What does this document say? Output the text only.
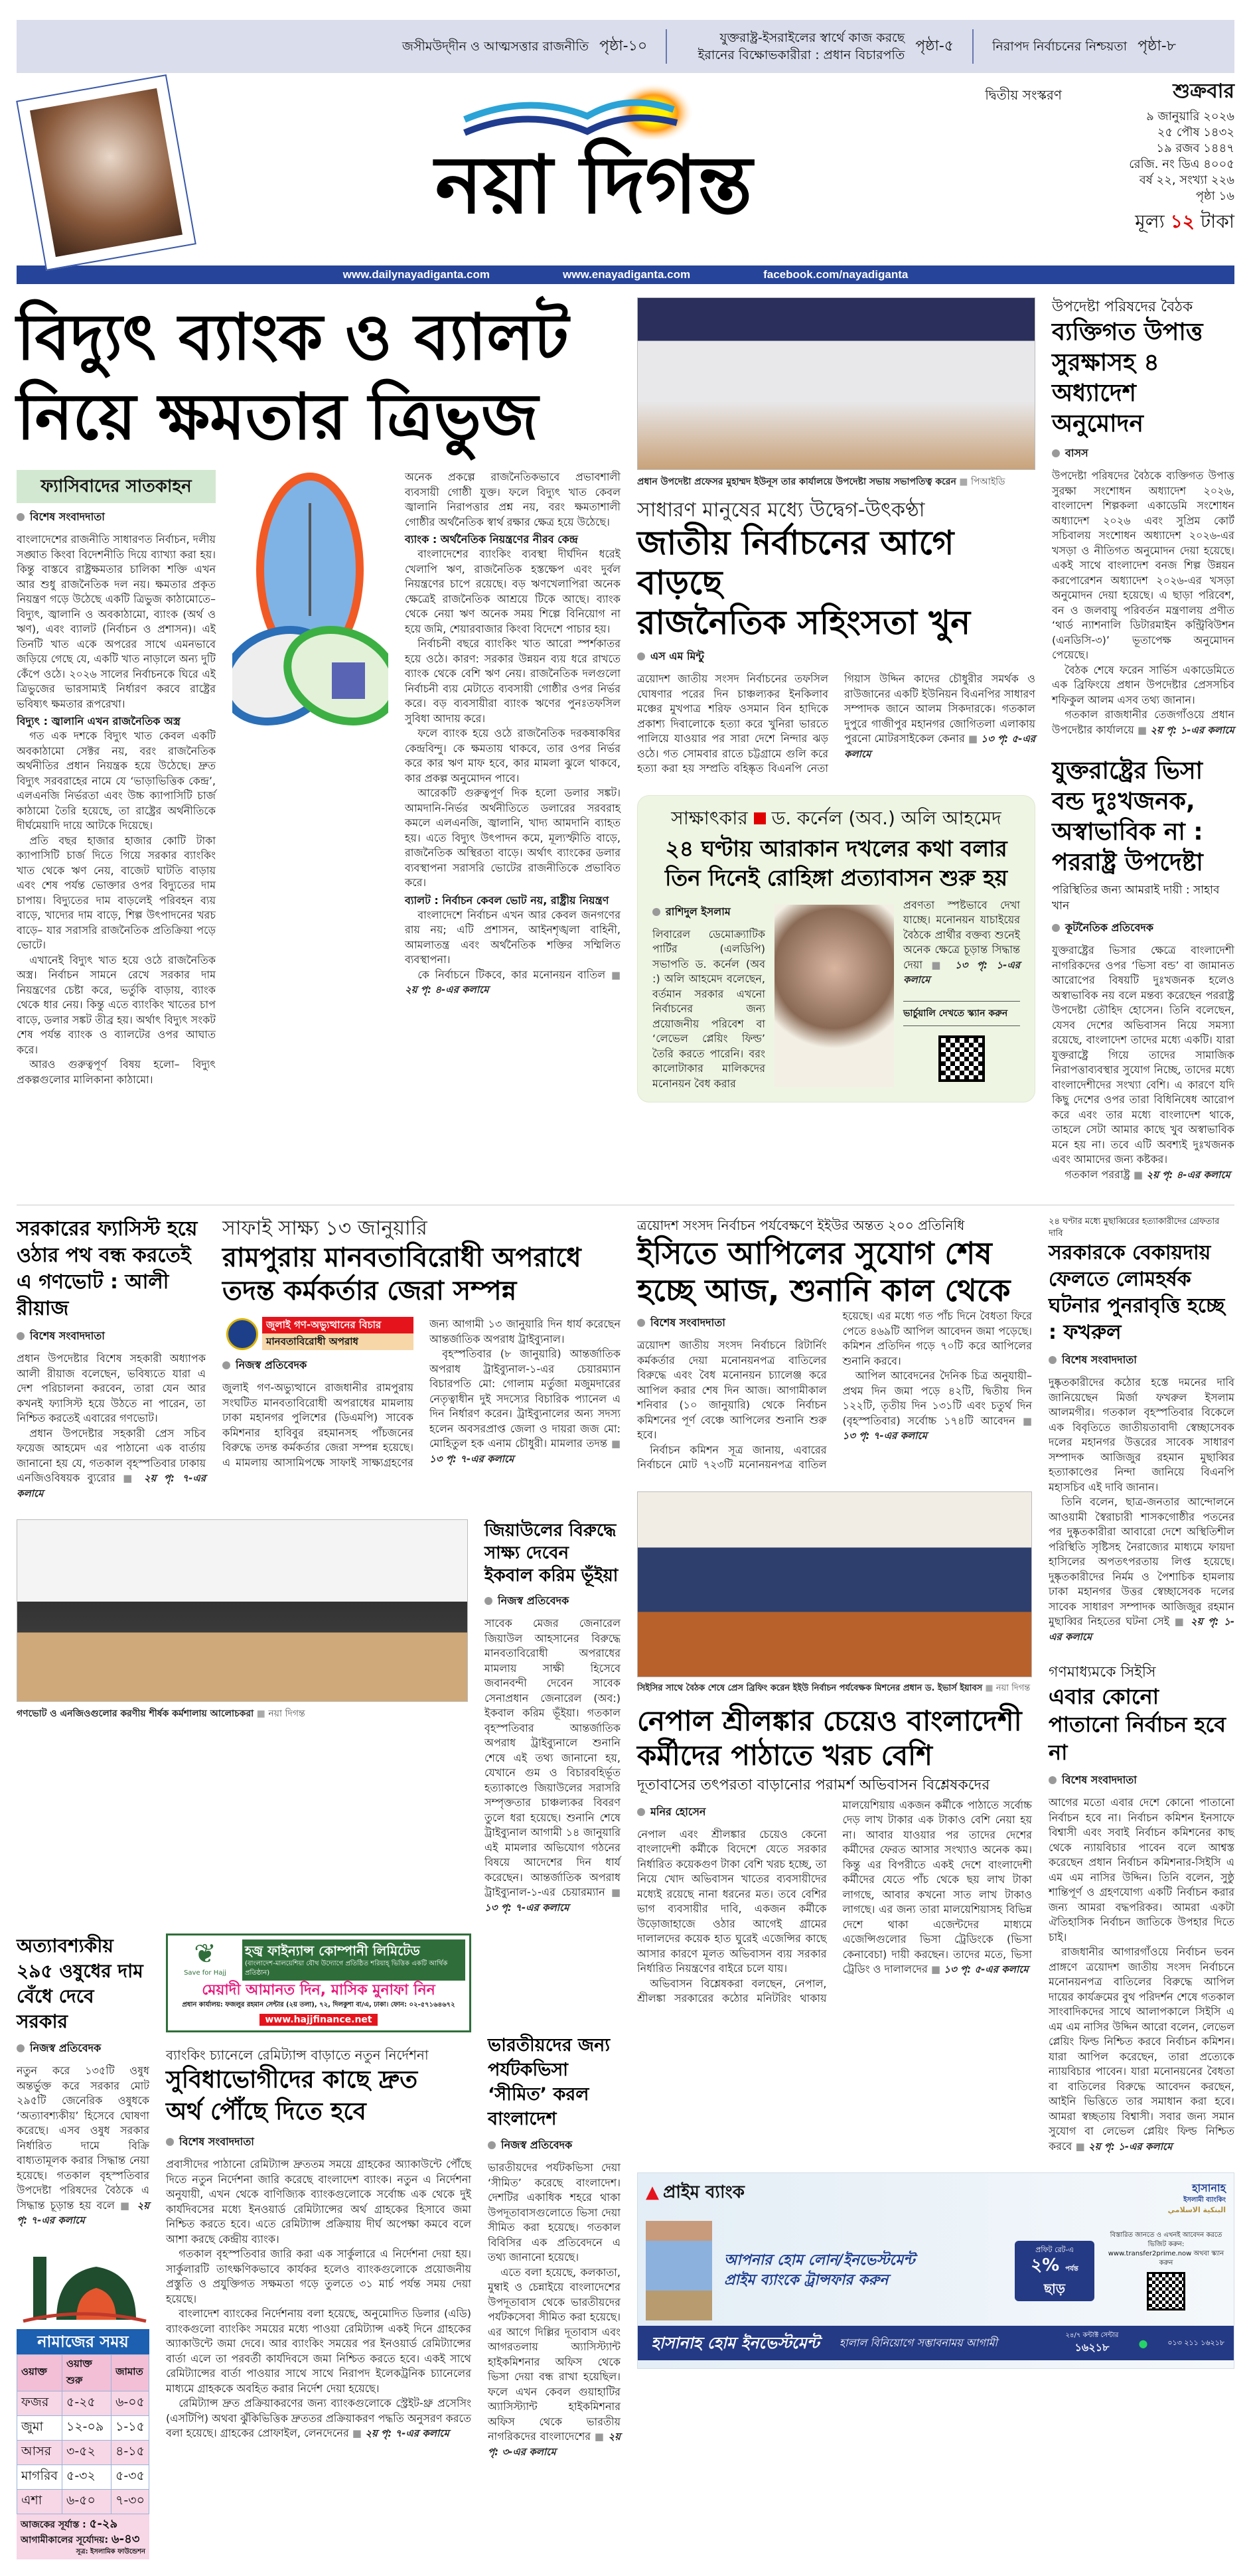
জসীমউদ্‌দীন ও আত্মসত্তার রাজনীতি পৃষ্ঠা-১০	যুক্তরাষ্ট্র-ইসরাইলের স্বার্থে কাজ করছে ইরানের বিক্ষোভকারীরা : প্রধান বিচারপতি
পৃষ্ঠা-৫	নিরাপদ নির্বাচনের নিশ্চয়তা পৃষ্ঠা-৮
নয়া দিগন্ত
দ্বিতীয় সংস্করণ	শুক্রবার
৯ জানুয়ারি ২০২৬
২৫ পৌষ ১৪৩২
১৯ রজব ১৪৪৭
রেজি. নং ডিএ ৪০০৫
বর্ষ ২২, সংখ্যা ২২৬
পৃষ্ঠা ১৬
মূল্য ১২ টাকা
www.dailynayadiganta.com	www.enayadiganta.com	facebook.com/nayadiganta
বিদ্যুৎ ব্যাংক ও ব্যালট
নিয়ে ক্ষমতার ত্রিভুজ
ফ্যাসিবাদের সাতকাহন
বিশেষ সংবাদদাতা

বাংলাদেশের রাজনীতি সাধারণত নির্বাচন, দলীয় সঙ্ঘাত কিংবা বিদেশনীতি দিয়ে ব্যাখ্যা করা হয়। কিন্তু বাস্তবে রাষ্ট্রক্ষমতার চালিকা শক্তি এখন আর শুধু রাজনৈতিক দল নয়। ক্ষমতার প্রকৃত নিয়ন্ত্রণ গড়ে উঠেছে একটি ত্রিভুজ কাঠামোতে– বিদ্যুৎ, জ্বালানি ও অবকাঠামো, ব্যাংক (অর্থ ও ঋণ), এবং ব্যালট (নির্বাচন ও প্রশাসন)। এই তিনটি খাত একে অপরের সাথে এমনভাবে জড়িয়ে গেছে যে, একটি খাত নাড়ালে অন্য দুটি কেঁপে ওঠে। ২০২৬ সালের নির্বাচনকে ঘিরে এই ত্রিভুজের ভারসাম্যই নির্ধারণ করবে রাষ্ট্রের ভবিষ্যৎ ক্ষমতার রূপরেখা।

বিদ্যুৎ : জ্বালানি এখন রাজনৈতিক অস্ত্র

গত এক দশকে বিদ্যুৎ খাত কেবল একটি অবকাঠামো সেক্টর নয়, বরং রাজনৈতিক অর্থনীতির প্রধান নিয়ন্ত্রক হয়ে উঠেছে। দ্রুত বিদ্যুৎ সরবরাহের নামে যে ‘ভাড়াভিত্তিক কেন্দ্র’, এলএনজি নির্ভরতা এবং উচ্চ ক্যাপাসিটি চার্জ কাঠামো তৈরি হয়েছে, তা রাষ্ট্রের অর্থনীতিকে দীর্ঘমেয়াদি দায়ে আটকে দিয়েছে।

প্রতি বছর হাজার হাজার কোটি টাকা ক্যাপাসিটি চার্জ দিতে গিয়ে সরকার ব্যাংকিং খাত থেকে ঋণ নেয়, বাজেট ঘাটতি বাড়ায় এবং শেষ পর্যন্ত ভোক্তার ওপর বিদ্যুতের দাম চাপায়। বিদ্যুতের দাম বাড়লেই পরিবহন ব্যয় বাড়ে, খাদ্যের দাম বাড়ে, শিল্প উৎপাদনের খরচ বাড়ে– যার সরাসরি রাজনৈতিক প্রতিক্রিয়া পড়ে ভোটে।

এখানেই বিদ্যুৎ খাত হয়ে ওঠে রাজনৈতিক অস্ত্র। নির্বাচন সামনে রেখে সরকার দাম নিয়ন্ত্রণের চেষ্টা করে, ভর্তুকি বাড়ায়, ব্যাংক থেকে ধার নেয়। কিন্তু এতে ব্যাংকিং খাতের চাপ বাড়ে, ডলার সঙ্কট তীব্র হয়। অর্থাৎ বিদ্যুৎ সংকট শেষ পর্যন্ত ব্যাংক ও ব্যালটের ওপর আঘাত করে।

আরও গুরুত্বপূর্ণ বিষয় হলো– বিদ্যুৎ প্রকল্পগুলোর মালিকানা কাঠামো।

অনেক প্রকল্পে রাজনৈতিকভাবে প্রভাবশালী ব্যবসায়ী গোষ্ঠী যুক্ত। ফলে বিদ্যুৎ খাত কেবল জ্বালানি নিরাপত্তার প্রশ্ন নয়, বরং ক্ষমতাশালী গোষ্ঠীর অর্থনৈতিক স্বার্থ রক্ষার ক্ষেত্র হয়ে উঠেছে।

ব্যাংক : অর্থনৈতিক নিয়ন্ত্রণের নীরব কেন্দ্র

বাংলাদেশের ব্যাংকিং ব্যবস্থা দীর্ঘদিন ধরেই খেলাপি ঋণ, রাজনৈতিক হস্তক্ষেপ এবং দুর্বল নিয়ন্ত্রণের চাপে রয়েছে। বড় ঋণখেলাপিরা অনেক ক্ষেত্রেই রাজনৈতিক আশ্রয়ে টিকে আছে। ব্যাংক থেকে নেয়া ঋণ অনেক সময় শিল্পে বিনিয়োগ না হয়ে জমি, শেয়ারবাজার কিংবা বিদেশে পাচার হয়।

নির্বাচনী বছরে ব্যাংকিং খাত আরো স্পর্শকাতর হয়ে ওঠে। কারণ: সরকার উন্নয়ন ব্যয় ধরে রাখতে ব্যাংক থেকে বেশি ঋণ নেয়। রাজনৈতিক দলগুলো নির্বাচনী ব্যয় মেটাতে ব্যবসায়ী গোষ্ঠীর ওপর নির্ভর করে। বড় ব্যবসায়ীরা ব্যাংক ঋণের পুনঃতফসিল সুবিধা আদায় করে।

ফলে ব্যাংক হয়ে ওঠে রাজনৈতিক দরকষাকষির কেন্দ্রবিন্দু। কে ক্ষমতায় থাকবে, তার ওপর নির্ভর করে কার ঋণ মাফ হবে, কার মামলা ঝুলে থাকবে, কার প্রকল্প অনুমোদন পাবে।

আরেকটি গুরুত্বপূর্ণ দিক হলো ডলার সঙ্কট। আমদানি-নির্ভর অর্থনীতিতে ডলারের সরবরাহ কমলে এলএনজি, জ্বালানি, খাদ্য আমদানি ব্যাহত হয়। এতে বিদ্যুৎ উৎপাদন কমে, মূল্যস্ফীতি বাড়ে, রাজনৈতিক অস্থিরতা বাড়ে। অর্থাৎ ব্যাংকের ডলার ব্যবস্থাপনা সরাসরি ভোটের রাজনীতিকে প্রভাবিত করে।

ব্যালট : নির্বাচন কেবল ভোট নয়, রাষ্ট্রীয় নিয়ন্ত্রণ

বাংলাদেশে নির্বাচন এখন আর কেবল জনগণের রায় নয়; এটি প্রশাসন, আইনশৃঙ্খলা বাহিনী, আমলাতন্ত্র এবং অর্থনৈতিক শক্তির সম্মিলিত ব্যবস্থাপনা।

কে নির্বাচনে টিকবে, কার মনোনয়ন বাতিল ■ ২য় পৃ: ৪-এর কলামে

প্রধান উপদেষ্টা প্রফেসর মুহাম্মদ ইউনূস তার কার্যালয়ে উপদেষ্টা সভায় সভাপতিত্ব করেন ■ পিআইডি
সাধারণ মানুষের মধ্যে উদ্বেগ-উৎকণ্ঠা
জাতীয় নির্বাচনের আগে বাড়ছে
রাজনৈতিক সহিংসতা খুন
এস এম মিন্টু

ত্রয়োদশ জাতীয় সংসদ নির্বাচনের তফসিল ঘোষণার পরের দিন চাঞ্চল্যকর ইনকিলাব মঞ্চের মুখপাত্র শরিফ ওসমান বিন হাদিকে প্রকাশ্য দিবালোকে হত্যা করে খুনিরা ভারতে পালিয়ে যাওয়ার পর সারা দেশে নিন্দার ঝড় ওঠে। গত সোমবার রাতে চট্টগ্রামে গুলি করে হত্যা করা হয় সম্প্রতি বহিষ্কৃত বিএনপি নেতা গিয়াস উদ্দিন কাদের চৌধুরীর সমর্থক ও রাউজানের একটি ইউনিয়ন বিএনপির সাধারণ সম্পাদক জানে আলম সিকদারকে। গতকাল দুপুরে গাজীপুর মহানগর জোগিতলা এলাকায় পুরনো মোটরসাইকেল কেনার ■ ১৩ পৃ: ৫-এর কলামে

সাক্ষাৎকার ড. কর্নেল (অব.) অলি আহমেদ
২৪ ঘণ্টায় আরাকান দখলের কথা বলার
তিন দিনেই রোহিঙ্গা প্রত্যাবাসন শুরু হয়
রাশিদুল ইসলাম

লিবারেল ডেমোক্র্যাটিক পার্টির (এলডিপি) সভাপতি ড. কর্নেল (অব :) অলি আহমেদ বলেছেন, বর্তমান সরকার এখনো নির্বাচনের জন্য প্রয়োজনীয় পরিবেশ বা ‘লেভেল প্লেয়িং ফিল্ড’ তৈরি করতে পারেনি। বরং কালোটাকার মালিকদের মনোনয়ন বৈধ করার

প্রবণতা স্পষ্টভাবে দেখা যাচ্ছে। মনোনয়ন যাচাইয়ের বৈঠকে প্রার্থীর বক্তব্য শুনেই অনেক ক্ষেত্রে চূড়ান্ত সিদ্ধান্ত দেয়া	■ ১৩ পৃ: ১-এর কলামে

ভার্চুয়ালি দেখতে স্ক্যান করুন
উপদেষ্টা পরিষদের বৈঠক
ব্যক্তিগত উপাত্ত সুরক্ষাসহ ৪ অধ্যাদেশ অনুমোদন
বাসস

উপদেষ্টা পরিষদের বৈঠকে ব্যক্তিগত উপাত্ত সুরক্ষা সংশোধন অধ্যাদেশ ২০২৬, বাংলাদেশ শিল্পকলা একাডেমি সংশোধন অধ্যাদেশ ২০২৬ এবং সুপ্রিম কোর্ট সচিবালয় সংশোধন অধ্যাদেশ ২০২৬-এর খসড়া ও নীতিগত অনুমোদন দেয়া হয়েছে। একই সাথে বাংলাদেশ বনজ শিল্প উন্নয়ন করপোরেশন অধ্যাদেশ ২০২৬-এর খসড়া অনুমোদন দেয়া হয়েছে। এ ছাড়া পরিবেশ, বন ও জলবায়ু পরিবর্তন মন্ত্রণালয় প্রণীত ‘থার্ড ন্যাশনালি ডিটারমাইন কন্ট্রিবিউশন (এনডিসি-৩)’ ভূতাপেক্ষ অনুমোদন পেয়েছে।

বৈঠক শেষে ফরেন সার্ভিস একাডেমিতে এক ব্রিফিংয়ে প্রধান উপদেষ্টার প্রেসসচিব শফিকুল আলম এসব তথ্য জানান।

গতকাল রাজধানীর তেজগাঁওয়ে প্রধান উপদেষ্টার কার্যালয়ে ■ ২য় পৃ: ১-এর কলামে

যুক্তরাষ্ট্রের ভিসা বন্ড দুঃখজনক, অস্বাভাবিক না : পররাষ্ট্র উপদেষ্টা
পরিস্থিতির জন্য আমরাই দায়ী : সাহাব খান
কূটনৈতিক প্রতিবেদক

যুক্তরাষ্ট্রের ভিসার ক্ষেত্রে বাংলাদেশী নাগরিকদের ওপর ‘ভিসা বন্ড’ বা জামানত আরোপের বিষয়টি দুঃখজনক হলেও অস্বাভাবিক নয় বলে মন্তব্য করেছেন পররাষ্ট্র উপদেষ্টা তৌহিদ হোসেন। তিনি বলেছেন, যেসব দেশের অভিবাসন নিয়ে সমস্যা রয়েছে, বাংলাদেশ তাদের মধ্যে একটি। যারা যুক্তরাষ্ট্রে গিয়ে তাদের সামাজিক নিরাপত্তাব্যবস্থার সুযোগ নিচ্ছে, তাদের মধ্যে বাংলাদেশীদের সংখ্যা বেশি। এ কারণে যদি কিছু দেশের ওপর তারা বিধিনিষেধ আরোপ করে এবং তার মধ্যে বাংলাদেশ থাকে, তাহলে সেটা আমার কাছে খুব অস্বাভাবিক মনে হয় না। তবে এটি অবশ্যই দুঃখজনক এবং আমাদের জন্য কষ্টকর।

গতকাল পররাষ্ট্র ■ ২য় পৃ: ৪-এর কলামে

সরকারের ফ্যাসিস্ট হয়ে
ওঠার পথ বন্ধ করতেই
এ গণভোট : আলী রীয়াজ
বিশেষ সংবাদদাতা

প্রধান উপদেষ্টার বিশেষ সহকারী অধ্যাপক আলী রীয়াজ বলেছেন, ভবিষ্যতে যারা এ দেশ পরিচালনা করবেন, তারা যেন আর কখনই ফ্যাসিস্ট হয়ে উঠতে না পারেন, তা নিশ্চিত করতেই এবারের গণভোট।

প্রধান উপদেষ্টার সহকারী প্রেস সচিব ফয়েজ আহমেদ এর পাঠানো এক বার্তায় জানানো হয় যে, গতকাল বৃহস্পতিবার ঢাকায় এনজিওবিষয়ক ব্যুরোর	■ ২য় পৃ: ৭-এর কলামে

সাফাই সাক্ষ্য ১৩ জানুয়ারি
রামপুরায় মানবতাবিরোধী অপরাধে
তদন্ত কর্মকর্তার জেরা সম্পন্ন
জুলাই গণ-অভ্যুত্থানের বিচার
মানবতাবিরোধী অপরাধ
নিজস্ব প্রতিবেদক

জুলাই গণ-অভ্যুত্থানে রাজধানীর রামপুরায় সংঘটিত মানবতাবিরোধী অপরাধের মামলায় ঢাকা মহানগর পুলিশের (ডিএমপি) সাবেক কমিশনার হাবিবুর রহমানসহ পাঁচজনের বিরুদ্ধে তদন্ত কর্মকর্তার জেরা সম্পন্ন হয়েছে। এ মামলায় আসামিপক্ষে সাফাই সাক্ষ্যগ্রহণের জন্য আগামী ১৩ জানুয়ারি দিন ধার্য করেছেন আন্তর্জাতিক অপরাধ ট্রাইব্যুনাল।

বৃহস্পতিবার (৮ জানুয়ারি) আন্তর্জাতিক অপরাধ ট্রাইব্যুনাল-১-এর চেয়ারম্যান বিচারপতি মো: গোলাম মর্তুজা মজুমদারের নেতৃত্বাধীন দুই সদস্যের বিচারিক প্যানেল এ দিন নির্ধারণ করেন। ট্রাইব্যুনালের অন্য সদস্য হলেন অবসরপ্রাপ্ত জেলা ও দায়রা জজ মো: মোহিতুল হক এনাম চৌধুরী। মামলার তদন্ত ■ ১৩ পৃ: ৭-এর কলামে

গণভোট ও এনজিওগুলোর করণীয় শীর্ষক কর্মশালায় আলোচকরা ■ নয়া দিগন্ত
জিয়াউলের বিরুদ্ধে সাক্ষ্য দেবেন ইকবাল করিম ভূঁইয়া
নিজস্ব প্রতিবেদক

সাবেক মেজর জেনারেল জিয়াউল আহসানের বিরুদ্ধে মানবতাবিরোধী অপরাধের মামলায় সাক্ষী হিসেবে জবানবন্দী দেবেন সাবেক সেনাপ্রধান জেনারেল (অব:) ইকবাল করিম ভূঁইয়া। গতকাল বৃহস্পতিবার আন্তর্জাতিক অপরাধ ট্রাইব্যুনালে শুনানি শেষে এই তথ্য জানানো হয়, যেখানে গুম ও বিচারবহির্ভূত হত্যাকাণ্ডে জিয়াউলের সরাসরি সম্পৃক্ততার চাঞ্চল্যকর বিবরণ তুলে ধরা হয়েছে। শুনানি শেষে ট্রাইব্যুনাল আগামী ১৪ জানুয়ারি এই মামলার অভিযোগ গঠনের বিষয়ে আদেশের দিন ধার্য করেছেন। আন্তর্জাতিক অপরাধ ট্রাইব্যুনাল-১-এর চেয়ারম্যান ■ ১৩ পৃ: ৭-এর কলামে

অত্যাবশ্যকীয় ২৯৫ ওষুধের দাম বেঁধে দেবে সরকার
নিজস্ব প্রতিবেদক

নতুন করে ১৩৫টি ওষুধ অন্তর্ভুক্ত করে সরকার মোট ২৯৫টি জেনেরিক ওষুধকে ‘অত্যাবশ্যকীয়’ হিসেবে ঘোষণা করেছে। এসব ওষুধ সরকার নির্ধারিত দামে বিক্রি বাধ্যতামূলক করার সিদ্ধান্ত নেয়া হয়েছে। গতকাল বৃহস্পতিবার উপদেষ্টা পরিষদের বৈঠকে এ সিদ্ধান্ত চূড়ান্ত হয় বলে ■ ২য় পৃ: ৭-এর কলামে

নামাজের সময়
ওয়াক্ত	ওয়াক্ত শুরু	জামাত
ফজর	৫-২৫	৬-০৫
জুমা	১২-০৯	১-১৫
আসর	৩-৫২	৪-১৫
মাগরিব	৫-৩২	৫-৩৫
এশা	৬-৫০	৭-৩০
আজকের সূর্যাস্ত : ৫-২৯
আগামীকালের সূর্যোদয়: ৬-৪৩
সূত্র: ইসলামিক ফাউন্ডেশন
❦
Save for Hajj
হজ্ব ফাইন্যান্স কোম্পানী লিমিটেড
(বাংলাদেশ-মালয়েশিয়া যৌথ উদ্যোগে প্রতিষ্ঠিত শরিয়াহ্‌ ভিত্তিক একটি আর্থিক প্রতিষ্ঠান)
মেয়াদী আমানত দিন, মাসিক মুনাফা নিন
প্রধান কার্যালয়: ফজলুর রহমান সেন্টার (২য় তলা), ৭২, দিলকুশা বা/এ, ঢাকা। ফোন: ০২-৫৭১৬৪৬৭২
www.hajjfinance.net
ব্যাংকিং চ্যানেলে রেমিট্যান্স বাড়াতে নতুন নির্দেশনা
সুবিধাভোগীদের কাছে দ্রুত
অর্থ পৌঁছে দিতে হবে
বিশেষ সংবাদদাতা

প্রবাসীদের পাঠানো রেমিট্যান্স দ্রুততম সময়ে গ্রাহকের অ্যাকাউন্টে পৌঁছে দিতে নতুন নির্দেশনা জারি করেছে বাংলাদেশ ব্যাংক। নতুন এ নির্দেশনা অনুযায়ী, এখন থেকে বাণিজ্যিক ব্যাংকগুলোকে সর্বোচ্চ এক থেকে দুই কার্যদিবসের মধ্যে ইনওয়ার্ড রেমিট্যান্সের অর্থ গ্রাহকের হিসাবে জমা নিশ্চিত করতে হবে। এতে রেমিট্যান্স প্রক্রিয়ায় দীর্ঘ অপেক্ষা কমবে বলে আশা করছে কেন্দ্রীয় ব্যাংক।

গতকাল বৃহস্পতিবার জারি করা এক সার্কুলারে এ নির্দেশনা দেয়া হয়। সার্কুলারটি তাৎক্ষণিকভাবে কার্যকর হলেও ব্যাংকগুলোকে প্রয়োজনীয় প্রস্তুতি ও প্রযুক্তিগত সক্ষমতা গড়ে তুলতে ৩১ মার্চ পর্যন্ত সময় দেয়া হয়েছে।

বাংলাদেশ ব্যাংকের নির্দেশনায় বলা হয়েছে, অনুমোদিত ডিলার (এডি) ব্যাংকগুলো ব্যাংকিং সময়ের মধ্যে পাওয়া রেমিট্যান্স একই দিনে গ্রাহকের অ্যাকাউন্টে জমা দেবে। আর ব্যাংকিং সময়ের পর ইনওয়ার্ড রেমিট্যান্সের বার্তা এলে তা পরবর্তী কার্যদিবসে জমা নিশ্চিত করতে হবে। একই সাথে রেমিট্যান্সের বার্তা পাওয়ার সাথে সাথে নিরাপদ ইলেকট্রনিক চ্যানেলের মাধ্যমে গ্রাহককে অবহিত করার নির্দেশ দেয়া হয়েছে।

রেমিট্যান্স দ্রুত প্রক্রিয়াকরণের জন্য ব্যাংকগুলোকে স্ট্রেইট-থ্রু প্রসেসিং (এসটিপি) অথবা ঝুঁকিভিত্তিক দ্রুততর প্রক্রিয়াকরণ পদ্ধতি অনুসরণ করতে বলা হয়েছে। গ্রাহকের প্রোফাইল, লেনদেনের ■ ২য় পৃ: ৭-এর কলামে

ভারতীয়দের জন্য পর্যটকভিসা ‘সীমিত’ করল বাংলাদেশ
নিজস্ব প্রতিবেদক

ভারতীয়দের পর্যটকভিসা দেয়া ‘সীমিত’ করেছে বাংলাদেশ। দেশটির একাধিক শহরে থাকা উপদূতাবাসগুলোতে ভিসা দেয়া সীমিত করা হয়েছে। গতকাল বিবিসির এক প্রতিবেদনে এ তথ্য জানানো হয়েছে।

এতে বলা হয়েছে, কলকাতা, মুম্বাই ও চেন্নাইয়ে বাংলাদেশের উপদূতাবাস থেকে ভারতীয়দের পর্যটকসেবা সীমিত করা হয়েছে। এর আগে দিল্লির দূতাবাস এবং আগরতলায় অ্যাসিস্ট্যান্ট হাইকমিশনার অফিস থেকে ভিসা দেয়া বন্ধ রাখা হয়েছিল। ফলে এখন কেবল গুয়াহাটির অ্যাসিস্ট্যান্ট হাইকমিশনার অফিস থেকে ভারতীয় নাগরিকদের বাংলাদেশের ■ ২য় পৃ: ৩-এর কলামে

ত্রয়োদশ সংসদ নির্বাচন পর্যবেক্ষণে ইইউর অন্তত ২০০ প্রতিনিধি
ইসিতে আপিলের সুযোগ শেষ
হচ্ছে আজ, শুনানি কাল থেকে
বিশেষ সংবাদদাতা

ত্রয়োদশ জাতীয় সংসদ নির্বাচনে রিটার্নিং কর্মকর্তার দেয়া মনোনয়নপত্র বাতিলের বিরুদ্ধে এবং বৈধ মনোনয়ন চ্যালেঞ্জ করে আপিল করার শেষ দিন আজ। আগামীকাল শনিবার (১০ জানুয়ারি) থেকে নির্বাচন কমিশনের পূর্ণ বেঞ্চে আপিলের শুনানি শুরু হবে।

নির্বাচন কমিশন সূত্র জানায়, এবারের নির্বাচনে মোট ৭২৩টি মনোনয়নপত্র বাতিল হয়েছে। এর মধ্যে গত পাঁচ দিনে বৈধতা ফিরে পেতে ৪৬৯টি আপিল আবেদন জমা পড়েছে। কমিশন প্রতিদিন গড়ে ৭০টি করে আপিলের শুনানি করবে।

আপিল আবেদনের দৈনিক চিত্র অনুযায়ী– প্রথম দিন জমা পড়ে ৪২টি, দ্বিতীয় দিন ১২২টি, তৃতীয় দিন ১৩১টি এবং চতুর্থ দিন (বৃহস্পতিবার) সর্বোচ্চ ১৭৪টি আবেদন ■ ১৩ পৃ: ৭-এর কলামে

সিইসির সাথে বৈঠক শেষে প্রেস ব্রিফিং করেন ইইউ নির্বাচন পর্যবেক্ষক মিশনের প্রধান ড. ইভার্স ইয়াবস ■ নয়া দিগন্ত
নেপাল শ্রীলঙ্কার চেয়েও বাংলাদেশী
কর্মীদের পাঠাতে খরচ বেশি
দূতাবাসের তৎপরতা বাড়ানোর পরামর্শ অভিবাসন বিশ্লেষকদের
মনির হোসেন

নেপাল এবং শ্রীলঙ্কার চেয়েও কেনো বাংলাদেশী কর্মীকে বিদেশে যেতে সরকার নির্ধারিত কয়েকগুণ টাকা বেশি খরচ হচ্ছে, তা নিয়ে খোদ অভিবাসন খাতের ব্যবসায়ীদের মধ্যেই রয়েছে নানা ধরনের মত। তবে বেশির ভাগ ব্যবসায়ীর দাবি, একজন কর্মীকে উড়োজাহাজে ওঠার আগেই গ্রামের দালালদের কয়েক হাত ঘুরেই এজেন্সির কাছে আসার কারণে মূলত অভিবাসন ব্যয় সরকার নির্ধারিত নিয়ন্ত্রণের বাইরে চলে যায়।

অভিবাসন বিশ্লেষকরা বলছেন, নেপাল, শ্রীলঙ্কা সরকারের কঠোর মনিটরিং থাকায় মালয়েশিয়ায় একজন কর্মীকে পাঠাতে সর্বোচ্চ দেড় লাখ টাকার এক টাকাও বেশি নেয়া হয় না। আবার যাওয়ার পর তাদের দেশের কর্মীদের ফেরত আসার সংখ্যাও অনেক কম। কিন্তু এর বিপরীতে একই দেশে বাংলাদেশী কর্মীদের যেতে পাঁচ থেকে ছয় লাখ টাকা লাগছে, আবার কখনো সাত লাখ টাকাও লাগছে। এর জন্য তারা মালয়েশিয়াসহ বিভিন্ন দেশে থাকা এজেন্টদের মাধ্যমে এজেন্সিগুলোর ভিসা ট্রেডিংকে (ভিসা কেনাবেচা) দায়ী করছেন। তাদের মতে, ভিসা ট্রেডিং ও দালালদের ■ ১৩ পৃ: ৫-এর কলামে

২৪ ঘণ্টার মধ্যে মুছাব্বিরের হত্যাকারীদের গ্রেফতার দাবি
সরকারকে বেকায়দায় ফেলতে লোমহর্ষক ঘটনার পুনরাবৃত্তি হচ্ছে : ফখরুল
বিশেষ সংবাদদাতা

দুষ্কৃতকারীদের কঠোর হস্তে দমনের দাবি জানিয়েছেন মির্জা ফখরুল ইসলাম আলমগীর। গতকাল বৃহস্পতিবার বিকেলে এক বিবৃতিতে জাতীয়তাবাদী স্বেচ্ছাসেবক দলের মহানগর উত্তরের সাবেক সাধারণ সম্পাদক আজিজুর রহমান মুছাব্বির হত্যাকাণ্ডের নিন্দা জানিয়ে বিএনপি মহাসচিব এই দাবি জানান।

তিনি বলেন, ছাত্র-জনতার আন্দোলনে আওয়ামী স্বৈরাচারী শাসকগোষ্ঠীর পতনের পর দুষ্কৃতকারীরা আবারো দেশে অস্থিতিশীল পরিস্থিতি সৃষ্টিসহ নৈরাজ্যের মাধ্যমে ফায়দা হাসিলের অপতৎপরতায় লিপ্ত হয়েছে। দুষ্কৃতকারীদের নির্মম ও পৈশাচিক হামলায় ঢাকা মহানগর উত্তর স্বেচ্ছাসেবক দলের সাবেক সাধারণ সম্পাদক আজিজুর রহমান মুছাব্বির নিহতের ঘটনা সেই ■ ২য় পৃ: ১-এর কলামে

গণমাধ্যমকে সিইসি
এবার কোনো পাতানো নির্বাচন হবে না
বিশেষ সংবাদদাতা

আগের মতো এবার দেশে কোনো পাতানো নির্বাচন হবে না। নির্বাচন কমিশন ইনসাফে বিশ্বাসী এবং সবাই নির্বাচন কমিশনের কাছ থেকে ন্যায়বিচার পাবেন বলে আশ্বস্ত করেছেন প্রধান নির্বাচন কমিশনার-সিইসি এ এম এম নাসির উদ্দিন। তিনি বলেন, সুষ্ঠু শান্তিপূর্ণ ও গ্রহণযোগ্য একটি নির্বাচন করার জন্য আমরা বদ্ধপরিকর। আমরা একটা ঐতিহাসিক নির্বাচন জাতিকে উপহার দিতে চাই।

রাজধানীর আগারগাঁওয়ে নির্বাচন ভবন প্রাঙ্গণে ত্রয়োদশ জাতীয় সংসদ নির্বাচনে মনোনয়নপত্র বাতিলের বিরুদ্ধে আপিল দায়ের কার্যক্রমের বুথ পরিদর্শন শেষে গতকাল সাংবাদিকদের সাথে আলাপকালে সিইসি এ এম এম নাসির উদ্দিন আরো বলেন, লেভেল প্লেয়িং ফিল্ড নিশ্চিত করবে নির্বাচন কমিশন। যারা আপিল করেছেন, তারা প্রত্যেকে ন্যায়বিচার পাবেন। যারা মনোনয়নের বৈধতা বা বাতিলের বিরুদ্ধে আবেদন করছেন, আইনি ভিত্তিতে তার সমাধান করা হবে। আমরা স্বচ্ছতায় বিশ্বাসী। সবার জন্য সমান সুযোগ বা লেভেল প্লেয়িং ফিল্ড নিশ্চিত করবে ■ ২য় পৃ: ১-এর কলামে

▲ প্রাইম ব্যাংক	হাসানাহ
ইসলামী ব্যাংকিং
البنكية الاسلامي
আপনার হোম লোন/ইনভেস্টমেন্ট
প্রাইম ব্যাংকে ট্রান্সফার করুন
প্রফিট রেট-এ
২% পর্যন্ত
ছাড়
বিস্তারিত জানতে ও এখনই আবেদন করতে ভিজিট করুন: www.transfer2prime.now অথবা স্ক্যান করুন
হাসানাহ হোম ইনভেস্টমেন্ট হালাল বিনিয়োগে সম্ভাবনাময় আগামী
২৪/৭ কন্টাক্ট সেন্টার
১৬২১৮	●	০১৩ ২১১ ১৬২১৮
